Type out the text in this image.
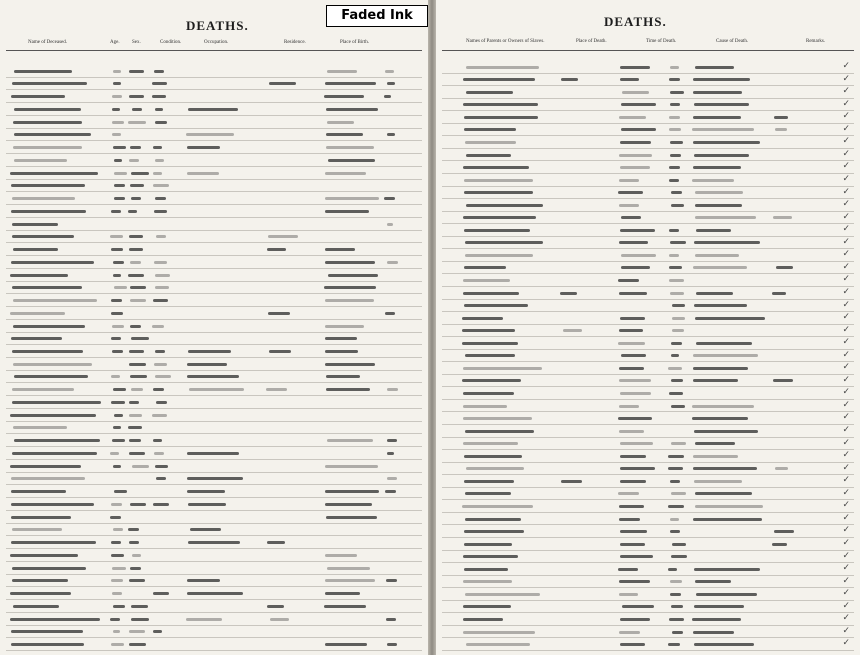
DEATHS.
Name of Deceased.	Age. Sex.	Condition.	Occupation.	Residence.	Place of Birth.
Faded Ink	DEATHS.
Names of Parents or Owners of Slaves.	Place of Death.	Time of Death.	Cause of Death.	Remarks.
✓
✓
✓
✓
✓
✓
✓
✓
✓
✓
✓
✓
✓
✓
✓
✓
✓
✓
✓
✓
✓
✓
✓
✓
✓
✓
✓
✓
✓
✓
✓
✓
✓
✓
✓
✓
✓
✓
✓
✓
✓
✓
✓
✓
✓
✓
✓
